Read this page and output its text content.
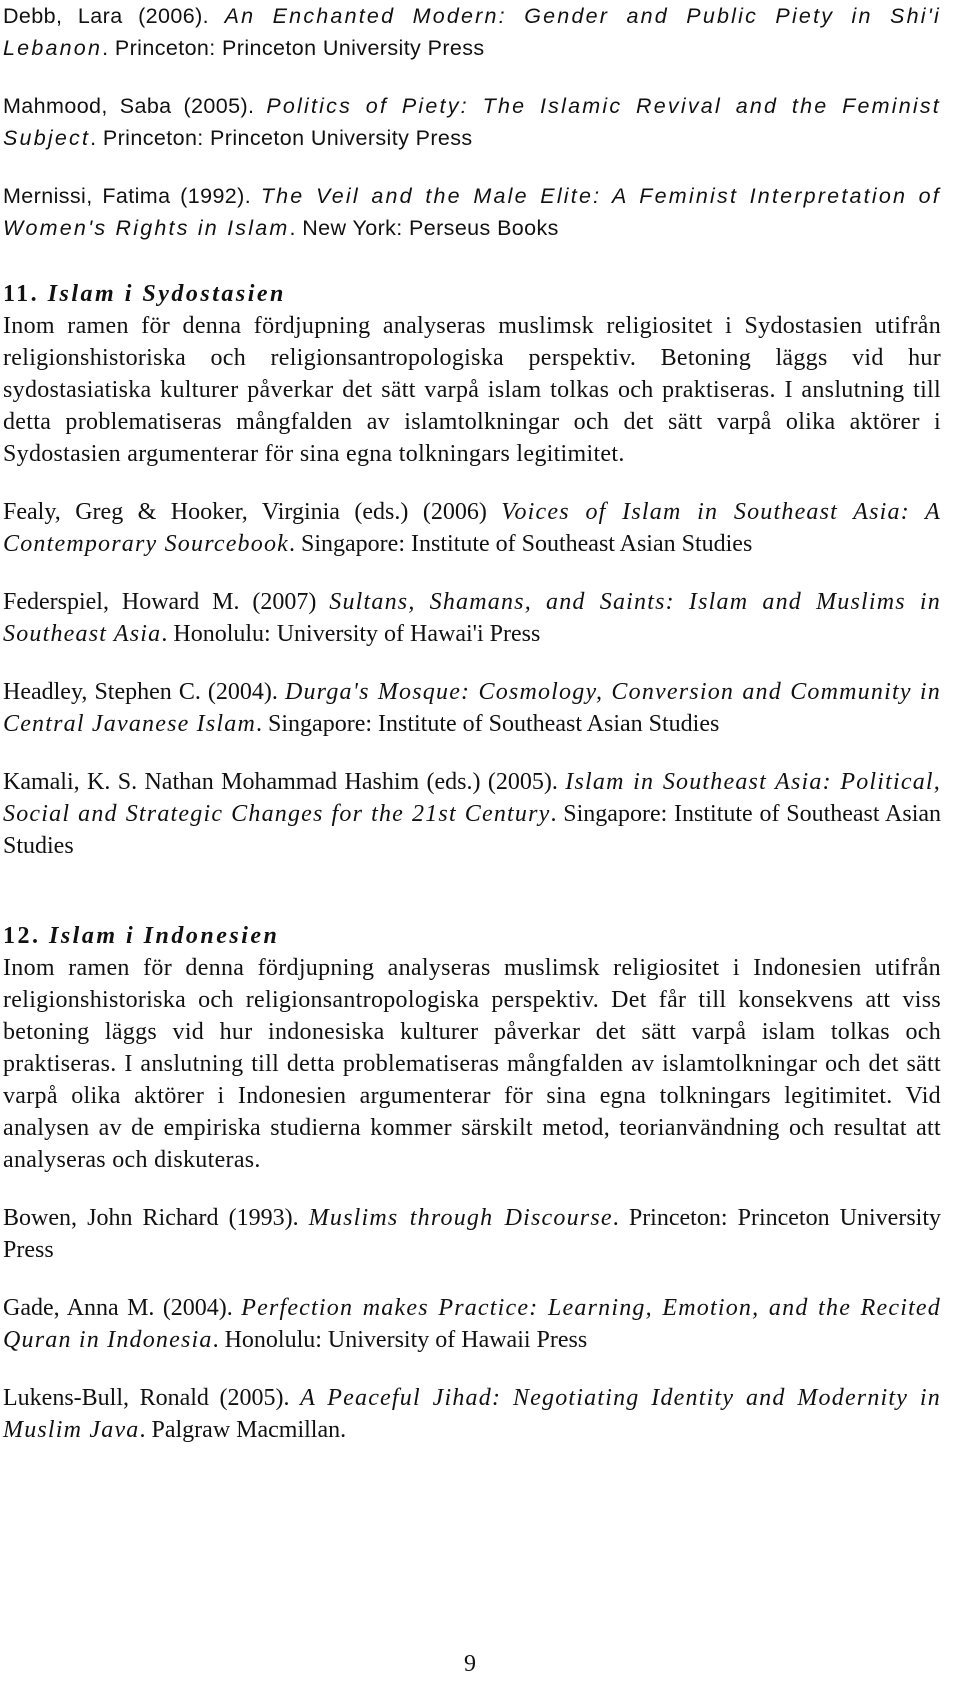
Debb, Lara (2006). An Enchanted Modern: Gender and Public Piety in Shi'i Lebanon. Princeton: Princeton University Press

Mahmood, Saba (2005). Politics of Piety: The Islamic Revival and the Feminist Subject. Princeton: Princeton University Press

Mernissi, Fatima (1992). The Veil and the Male Elite: A Feminist Interpretation of Women's Rights in Islam. New York: Perseus Books

11. Islam i Sydostasien

Inom ramen för denna fördjupning analyseras muslimsk religiositet i Sydostasien utifrån religionshistoriska och religionsantropologiska perspektiv. Betoning läggs vid hur sydostasiatiska kulturer påverkar det sätt varpå islam tolkas och praktiseras. I anslutning till detta problematiseras mångfalden av islamtolkningar och det sätt varpå olika aktörer i Sydostasien argumenterar för sina egna tolkningars legitimitet.

Fealy, Greg & Hooker, Virginia (eds.) (2006) Voices of Islam in Southeast Asia: A Contemporary Sourcebook. Singapore: Institute of Southeast Asian Studies

Federspiel, Howard M. (2007) Sultans, Shamans, and Saints: Islam and Muslims in Southeast Asia. Honolulu: University of Hawai'i Press

Headley, Stephen C. (2004). Durga's Mosque: Cosmology, Conversion and Community in Central Javanese Islam. Singapore: Institute of Southeast Asian Studies

Kamali, K. S. Nathan Mohammad Hashim (eds.) (2005). Islam in Southeast Asia: Political, Social and Strategic Changes for the 21st Century. Singapore: Institute of Southeast Asian Studies

12. Islam i Indonesien

Inom ramen för denna fördjupning analyseras muslimsk religiositet i Indonesien utifrån religionshistoriska och religionsantropologiska perspektiv. Det får till konsekvens att viss betoning läggs vid hur indonesiska kulturer påverkar det sätt varpå islam tolkas och praktiseras. I anslutning till detta problematiseras mångfalden av islamtolkningar och det sätt varpå olika aktörer i Indonesien argumenterar för sina egna tolkningars legitimitet. Vid analysen av de empiriska studierna kommer särskilt metod, teorianvändning och resultat att analyseras och diskuteras.

Bowen, John Richard (1993). Muslims through Discourse. Princeton: Princeton University Press

Gade, Anna M. (2004). Perfection makes Practice: Learning, Emotion, and the Recited Quran in Indonesia. Honolulu: University of Hawaii Press

Lukens-Bull, Ronald (2005). A Peaceful Jihad: Negotiating Identity and Modernity in Muslim Java. Palgraw Macmillan.

9
